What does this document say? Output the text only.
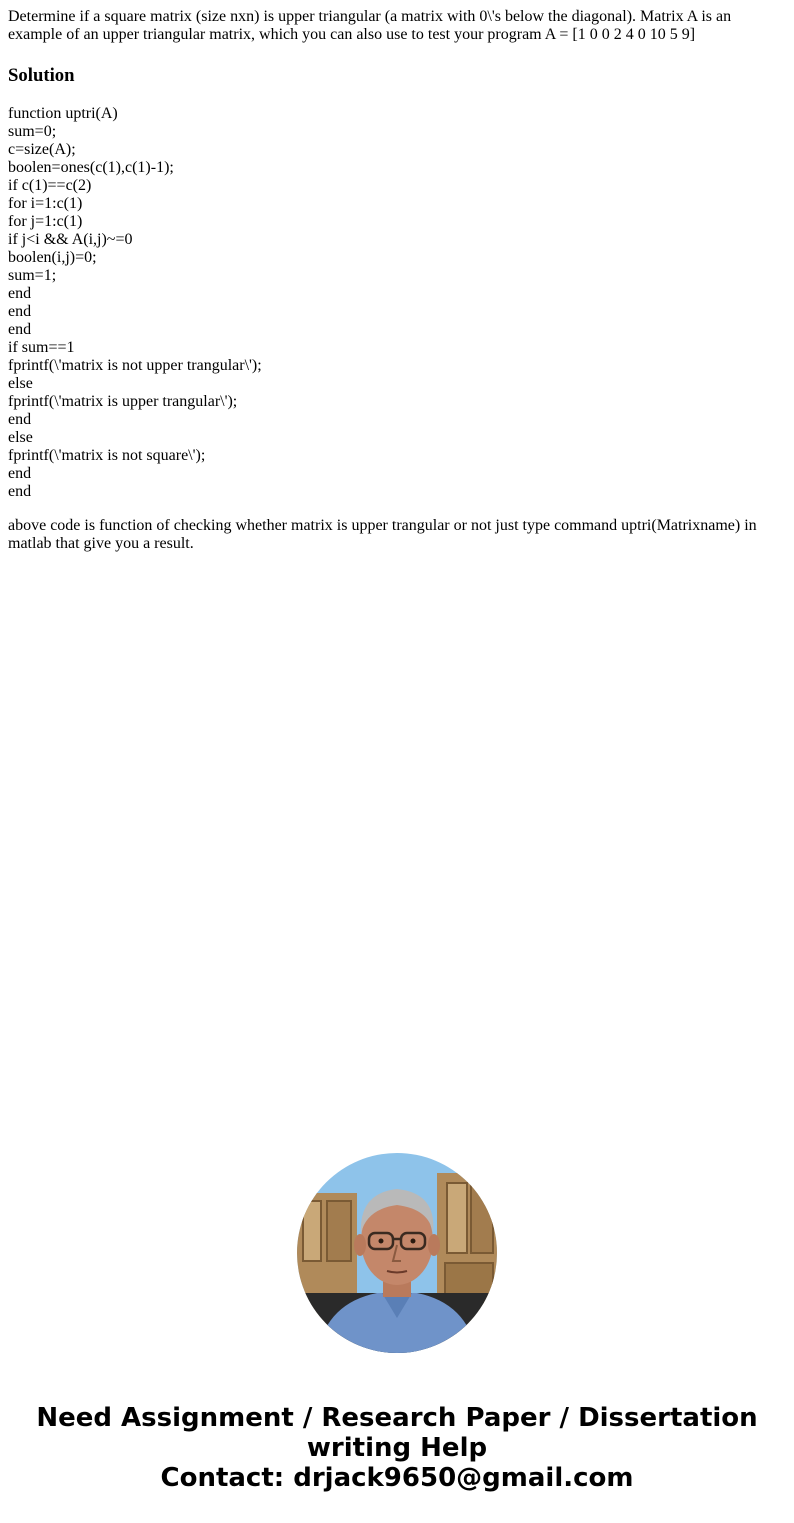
Determine if a square matrix (size nxn) is upper triangular (a matrix with 0\'s below the diagonal). Matrix A is an example of an upper triangular matrix, which you can also use to test your program A = [1 0 0 2 4 0 10 5 9]

Solution
function uptri(A)
sum=0;
c=size(A);
boolen=ones(c(1),c(1)-1);
if c(1)==c(2)
for i=1:c(1)
for j=1:c(1)
if j<i && A(i,j)~=0
boolen(i,j)=0;
sum=1;
end
end
end
if sum==1
fprintf(\'matrix is not upper trangular\');
else
fprintf(\'matrix is upper trangular\');
end
else
fprintf(\'matrix is not square\');
end
end

above code is function of checking whether matrix is upper trangular or not just type command uptri(Matrixname) in matlab that give you a result.

Need Assignment / Research Paper / Dissertation
writing Help
Contact: drjack9650@gmail.com
